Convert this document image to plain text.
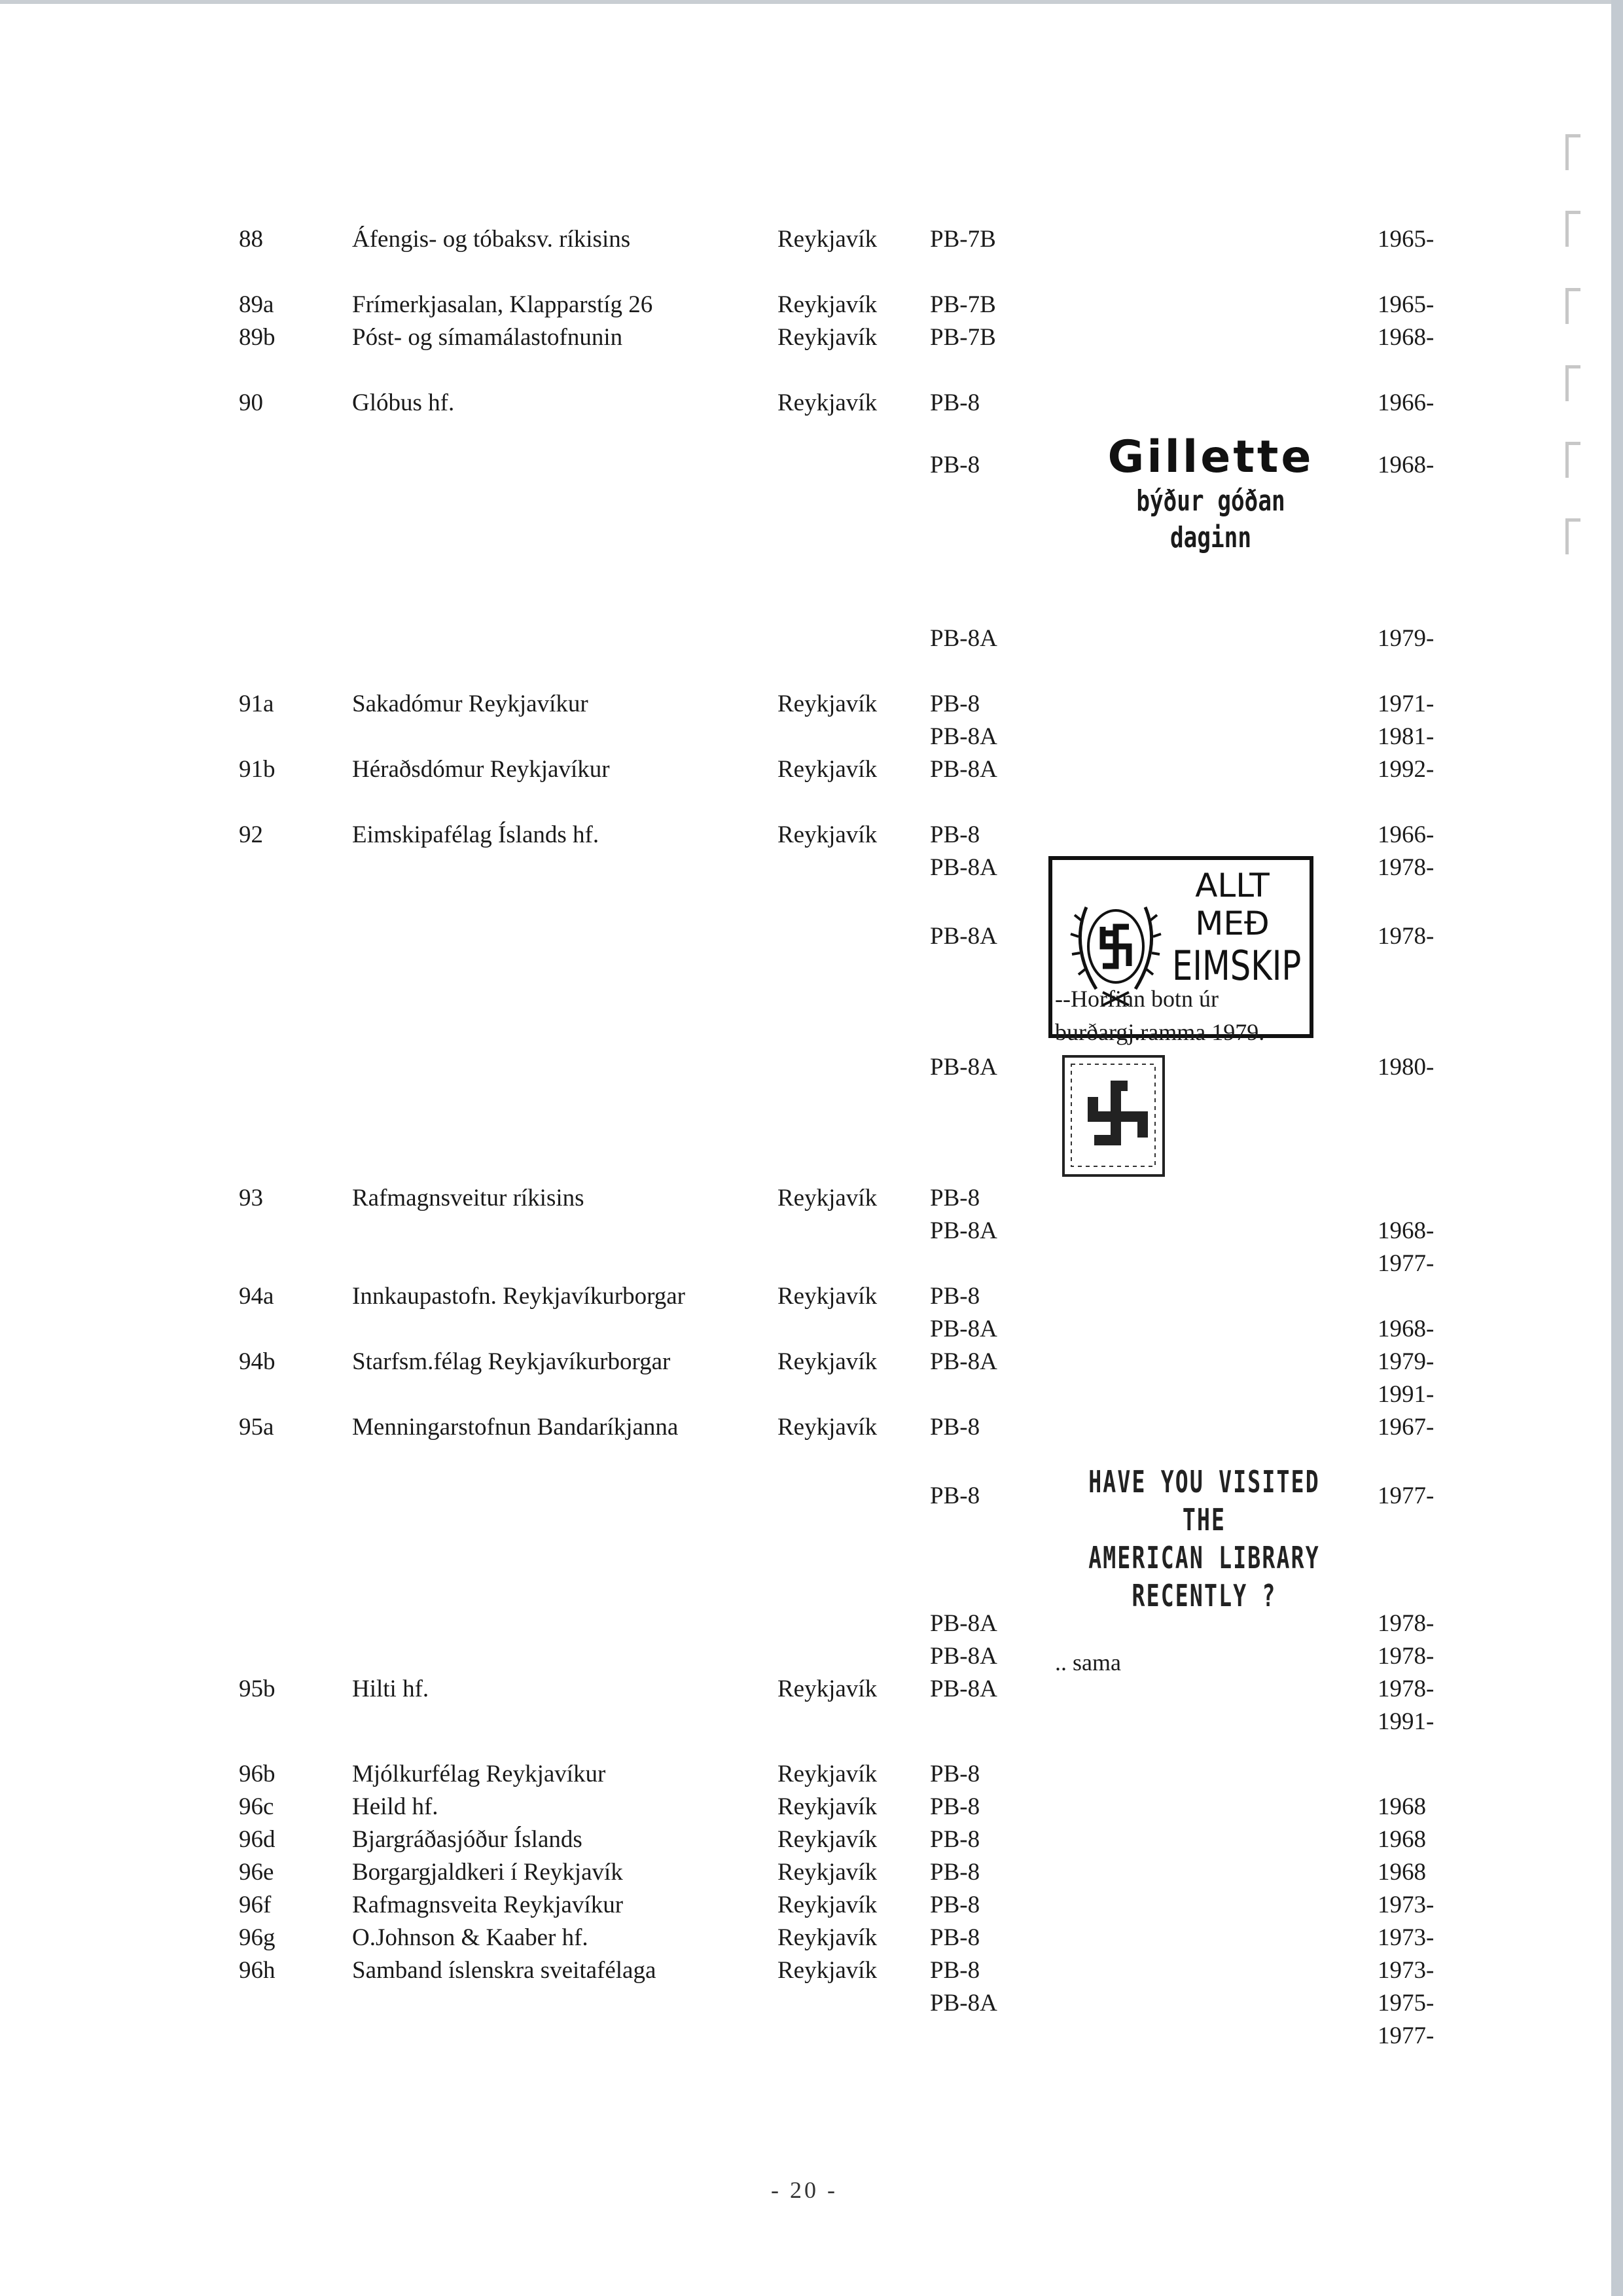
88	Áfengis- og tóbaksv. ríkisins	Reykjavík PB-7B	1965-
89a	Frímerkjasalan, Klapparstíg 26	Reykjavík PB-7B	1965-
89b	Póst- og símamálastofnunin	Reykjavík PB-7B	1968-
90	Glóbus hf.	Reykjavík PB-8	1966-
PB-8	1968-
PB-8A	1979-
91a	Sakadómur Reykjavíkur	Reykjavík PB-8	1971-
PB-8A	1981-
91b	Héraðsdómur Reykjavíkur	Reykjavík PB-8A	1992-
92	Eimskipafélag Íslands hf.	Reykjavík PB-8	1966-
PB-8A	1978-
PB-8A	1978-
PB-8A	1980-
93	Rafmagnsveitur ríkisins	Reykjavík PB-8
PB-8A	1968-
1977-
94a	Innkaupastofn. Reykjavíkurborgar	Reykjavík PB-8
PB-8A	1968-
94b	Starfsm.félag Reykjavíkurborgar	Reykjavík PB-8A	1979-
1991-
95a	Menningarstofnun Bandaríkjanna	Reykjavík PB-8	1967-
PB-8	1977-
PB-8A	1978-
PB-8A	1978-
95b	Hilti hf.	Reykjavík PB-8A	1978-
1991-
96b	Mjólkurfélag Reykjavíkur	Reykjavík PB-8
96c	Heild hf.	Reykjavík PB-8	1968
96d	Bjargráðasjóður Íslands	Reykjavík PB-8	1968
96e	Borgargjaldkeri í Reykjavík	Reykjavík PB-8	1968
96f	Rafmagnsveita Reykjavíkur	Reykjavík PB-8	1973-
96g	O.Johnson & Kaaber hf.	Reykjavík PB-8	1973-
96h	Samband íslenskra sveitafélaga	Reykjavík PB-8	1973-
PB-8A	1975-
1977-
Gillette
býður góðan
daginn
ALLT
MEÐ
EIMSKIP
--Horfinn botn úr
burðargj.ramma 1979.
HAVE YOU VISITED THE
AMERICAN LIBRARY
RECENTLY ?
.. sama
- 20 -
